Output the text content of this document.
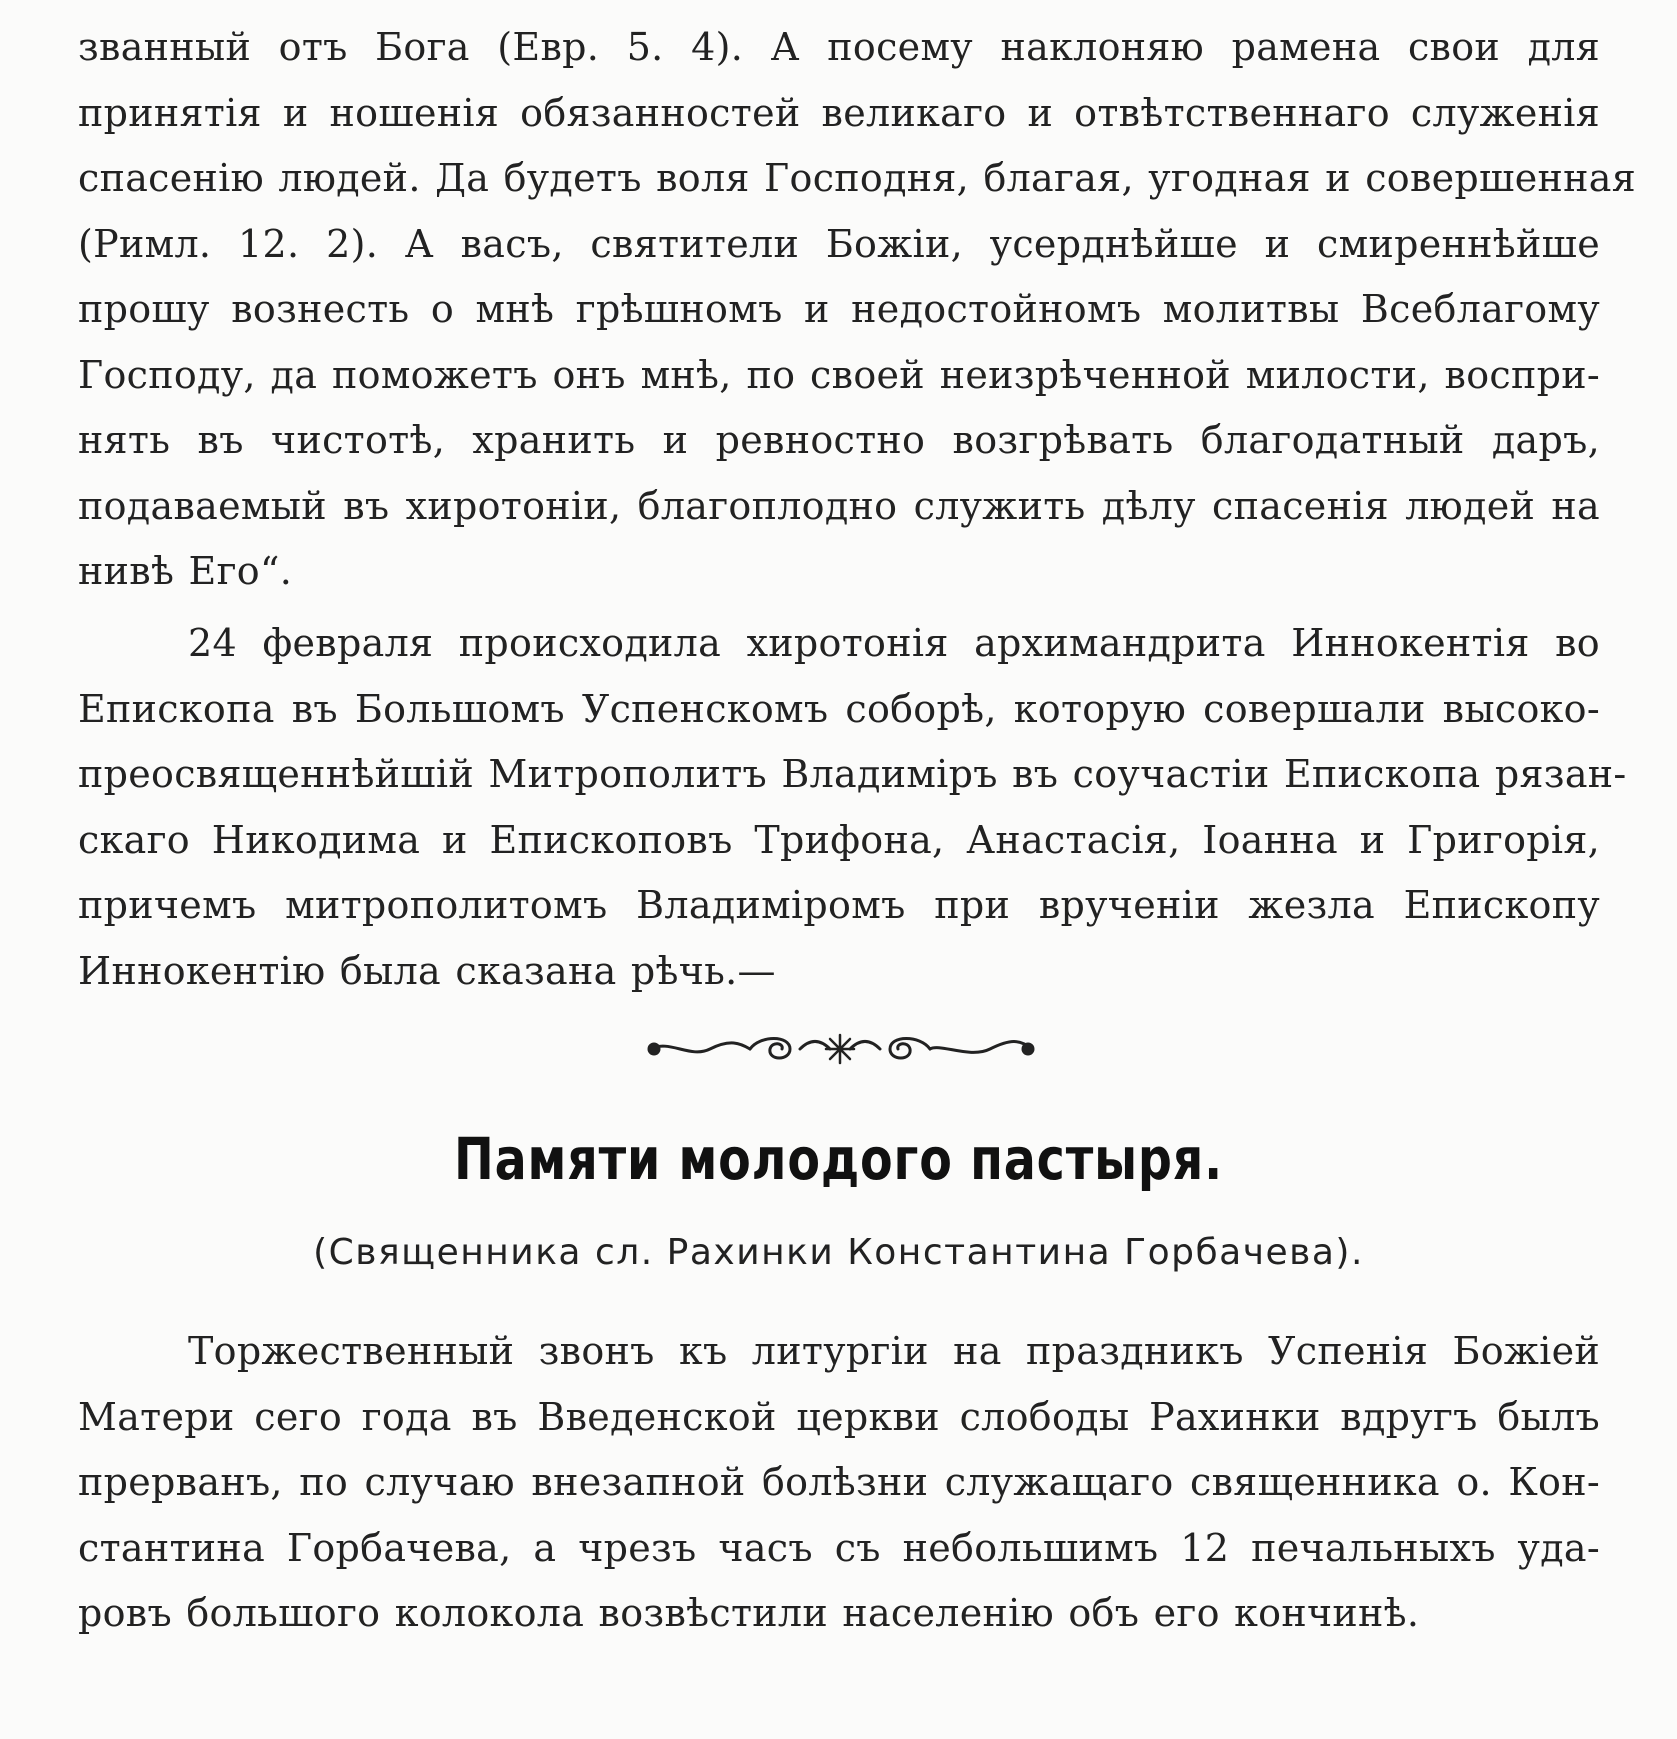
званный отъ Бога (Евр. 5. 4). А посему наклоняю рамена свои для
принятія и ношенія обязанностей великаго и отвѣтственнаго служенія
спасенію людей. Да будетъ воля Господня, благая, угодная и совершенная
(Римл. 12. 2). А васъ, святители Божіи, усерднѣйше и смиреннѣйше
прошу вознесть о мнѣ грѣшномъ и недостойномъ молитвы Всеблагому
Господу, да поможетъ онъ мнѣ, по своей неизрѣченной милости, воспри-
нять въ чистотѣ, хранить и ревностно возгрѣвать благодатный даръ,
подаваемый въ хиротоніи, благоплодно служить дѣлу спасенія людей на
нивѣ Его“.
24 февраля происходила хиротонія архимандрита Иннокентія во
Епископа въ Большомъ Успенскомъ соборѣ, которую совершали высоко-
преосвященнѣйшій Митрополитъ Владиміръ въ соучастіи Епископа рязан-
скаго Никодима и Епископовъ Трифона, Анастасія, Іоанна и Григорія,
причемъ митрополитомъ Владиміромъ при врученіи жезла Епископу
Иннокентію была сказана рѣчь.—
Памяти молодого пастыря.
(Священника сл. Рахинки Константина Горбачева).
Торжественный звонъ къ литургіи на праздникъ Успенія Божіей
Матери сего года въ Введенской церкви слободы Рахинки вдругъ былъ
прерванъ, по случаю внезапной болѣзни служащаго священника о. Кон-
стантина Горбачева, а чрезъ часъ съ небольшимъ 12 печальныхъ уда-
ровъ большого колокола возвѣстили населенію объ его кончинѣ.
